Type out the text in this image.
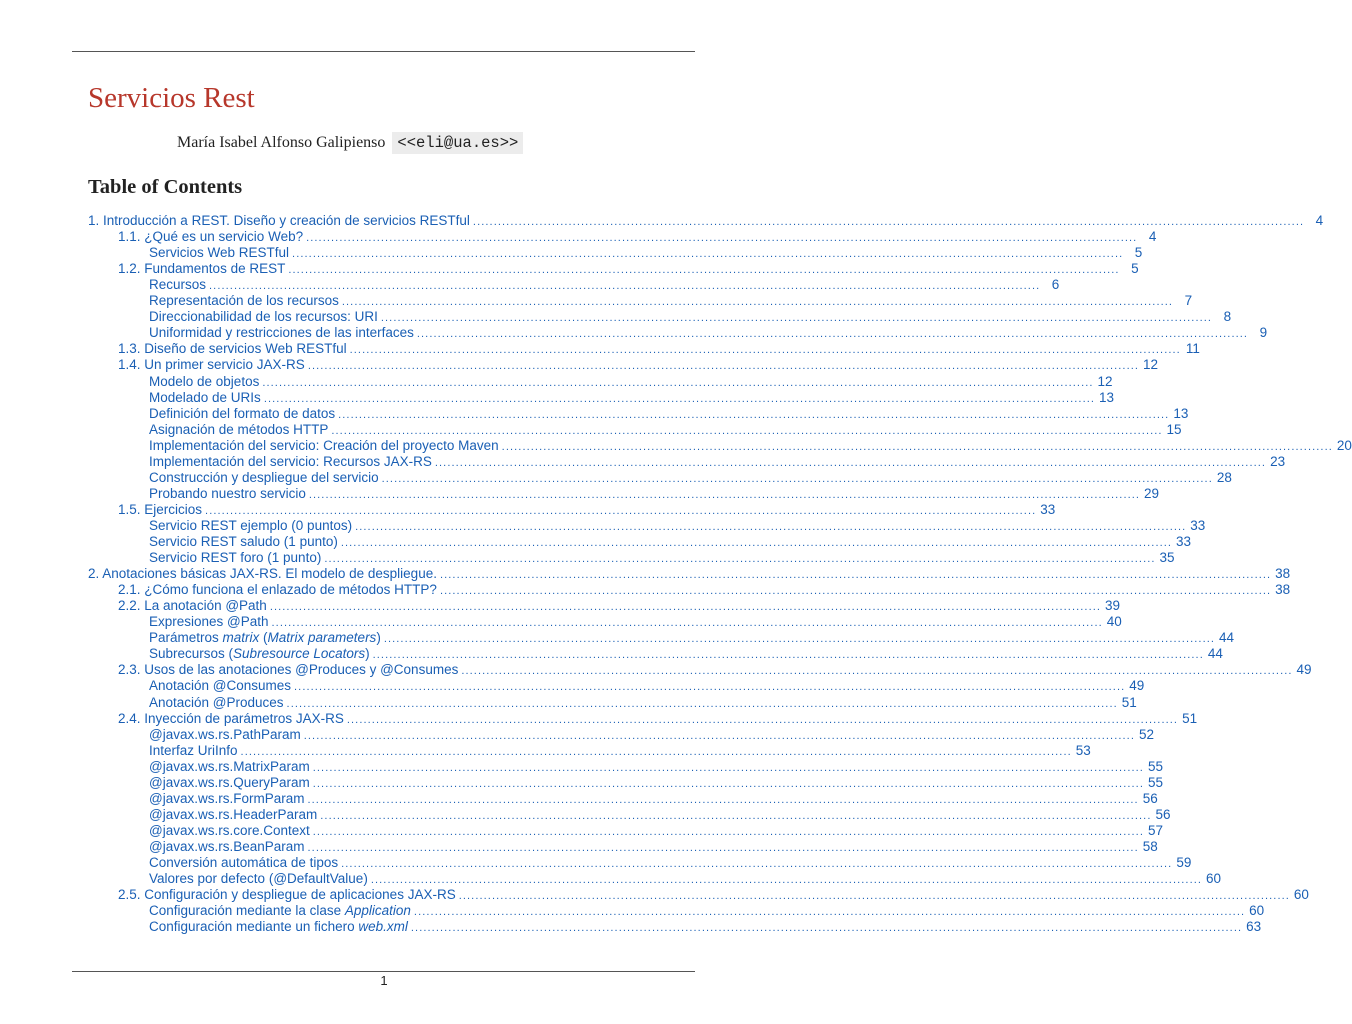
Servicios Rest
María Isabel Alfonso Galipienso <<eli@ua.es>>
Table of Contents
1. Introducción a REST. Diseño y creación de servicios RESTful ........................................................................................................................................................................................................ 4
1.1. ¿Qué es un servicio Web? ........................................................................................................................................................................................................ 4
Servicios Web RESTful ........................................................................................................................................................................................................ 5
1.2. Fundamentos de REST ........................................................................................................................................................................................................ 5
Recursos ........................................................................................................................................................................................................ 6
Representación de los recursos ........................................................................................................................................................................................................ 7
Direccionabilidad de los recursos: URI ........................................................................................................................................................................................................ 8
Uniformidad y restricciones de las interfaces ........................................................................................................................................................................................................ 9
1.3. Diseño de servicios Web RESTful ........................................................................................................................................................................................................ 11
1.4. Un primer servicio JAX-RS ........................................................................................................................................................................................................ 12
Modelo de objetos ........................................................................................................................................................................................................ 12
Modelado de URIs ........................................................................................................................................................................................................ 13
Definición del formato de datos ........................................................................................................................................................................................................ 13
Asignación de métodos HTTP ........................................................................................................................................................................................................ 15
Implementación del servicio: Creación del proyecto Maven ........................................................................................................................................................................................................ 20
Implementación del servicio: Recursos JAX-RS ........................................................................................................................................................................................................ 23
Construcción y despliegue del servicio ........................................................................................................................................................................................................ 28
Probando nuestro servicio ........................................................................................................................................................................................................ 29
1.5. Ejercicios ........................................................................................................................................................................................................ 33
Servicio REST ejemplo (0 puntos) ........................................................................................................................................................................................................ 33
Servicio REST saludo (1 punto) ........................................................................................................................................................................................................ 33
Servicio REST foro (1 punto) ........................................................................................................................................................................................................ 35
2. Anotaciones básicas JAX-RS. El modelo de despliegue. ........................................................................................................................................................................................................ 38
2.1. ¿Cómo funciona el enlazado de métodos HTTP? ........................................................................................................................................................................................................ 38
2.2. La anotación @Path ........................................................................................................................................................................................................ 39
Expresiones @Path ........................................................................................................................................................................................................ 40
Parámetros matrix (Matrix parameters) ........................................................................................................................................................................................................ 44
Subrecursos (Subresource Locators) ........................................................................................................................................................................................................ 44
2.3. Usos de las anotaciones @Produces y @Consumes ........................................................................................................................................................................................................ 49
Anotación @Consumes ........................................................................................................................................................................................................ 49
Anotación @Produces ........................................................................................................................................................................................................ 51
2.4. Inyección de parámetros JAX-RS ........................................................................................................................................................................................................ 51
@javax.ws.rs.PathParam ........................................................................................................................................................................................................ 52
Interfaz UriInfo ........................................................................................................................................................................................................ 53
@javax.ws.rs.MatrixParam ........................................................................................................................................................................................................ 55
@javax.ws.rs.QueryParam ........................................................................................................................................................................................................ 55
@javax.ws.rs.FormParam ........................................................................................................................................................................................................ 56
@javax.ws.rs.HeaderParam ........................................................................................................................................................................................................ 56
@javax.ws.rs.core.Context ........................................................................................................................................................................................................ 57
@javax.ws.rs.BeanParam ........................................................................................................................................................................................................ 58
Conversión automática de tipos ........................................................................................................................................................................................................ 59
Valores por defecto (@DefaultValue) ........................................................................................................................................................................................................ 60
2.5. Configuración y despliegue de aplicaciones JAX-RS ........................................................................................................................................................................................................ 60
Configuración mediante la clase Application ........................................................................................................................................................................................................ 60
Configuración mediante un fichero web.xml ........................................................................................................................................................................................................ 63
1
